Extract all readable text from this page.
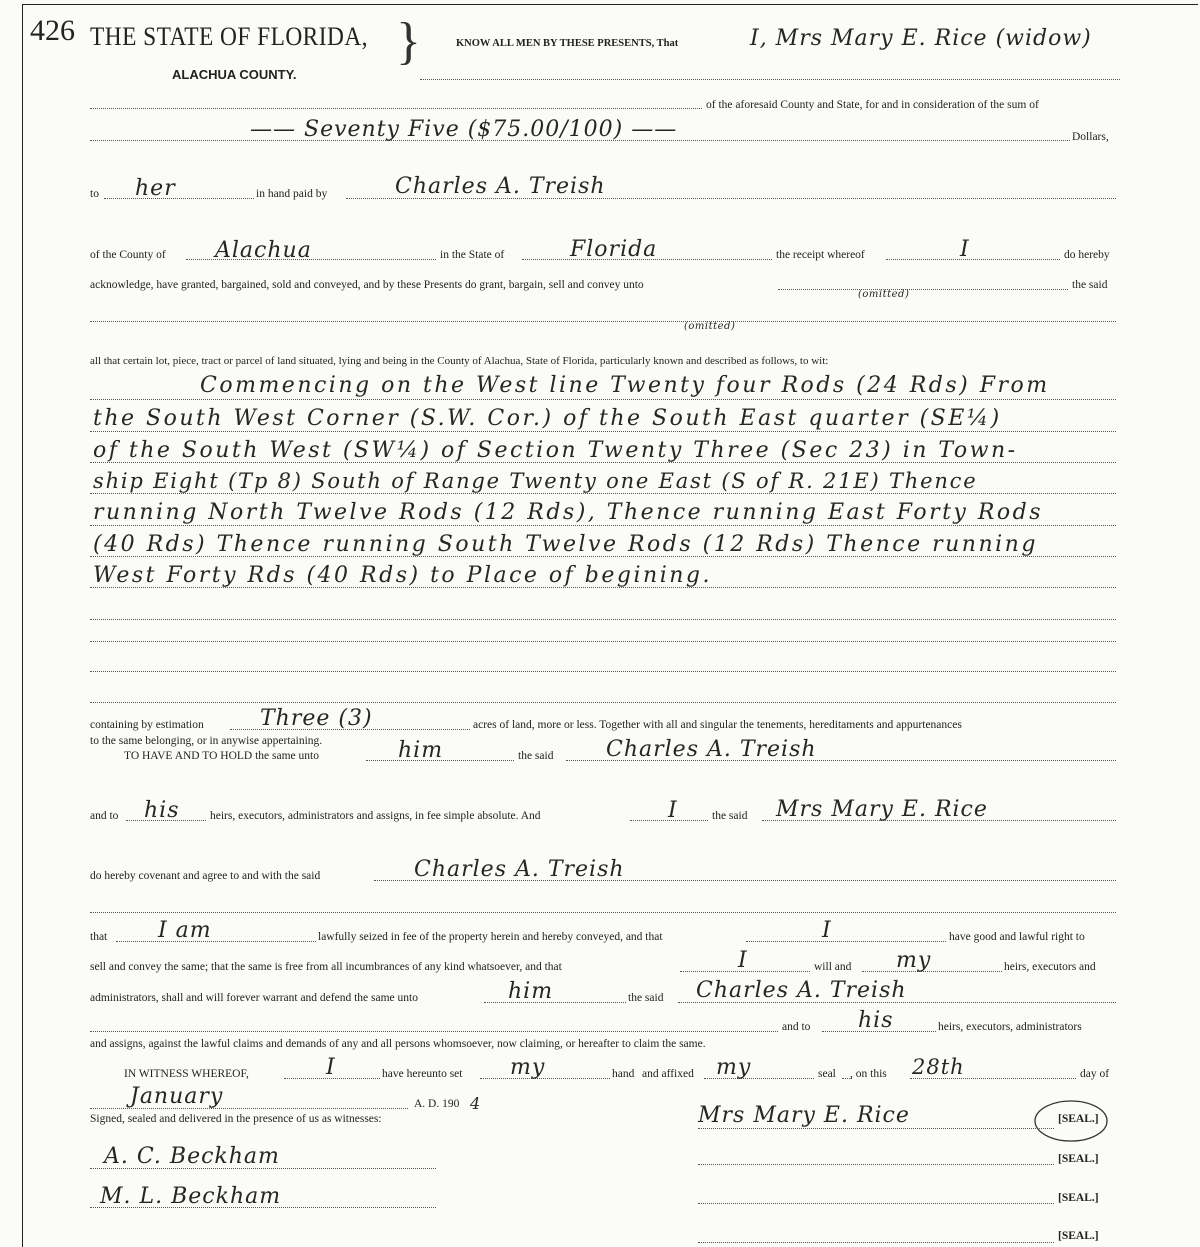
426 THE STATE OF FLORIDA, }
ALACHUA COUNTY.
KNOW ALL MEN BY THESE PRESENTS, That	I, Mrs Mary E. Rice (widow)
of the aforesaid County and State, for and in consideration of the sum of
—— Seventy Five ($75.00/100) ——	Dollars,
to her	in hand paid by	Charles A. Treish
of the County of Alachua	in the State of	Florida	the receipt whereof	I	do hereby
acknowledge, have granted, bargained, sold and conveyed, and by these Presents do grant, bargain, sell and convey unto	the said
(omitted)
(omitted)
all that certain lot, piece, tract or parcel of land situated, lying and being in the County of Alachua, State of Florida, particularly known and described as follows, to wit:
Commencing on the West line Twenty four Rods (24 Rds) From
the South West Corner (S.W. Cor.) of the South East quarter (SE¼)
of the South West (SW¼) of Section Twenty Three (Sec 23) in Town-
ship Eight (Tp 8) South of Range Twenty one East (S of R. 21E) Thence
running North Twelve Rods (12 Rds), Thence running East Forty Rods
(40 Rds) Thence running South Twelve Rods (12 Rds) Thence running
West Forty Rds (40 Rds) to Place of begining.
containing by estimation	Three (3)	acres of land, more or less. Together with all and singular the tenements, hereditaments and appurtenances
to the same belonging, or in anywise appertaining.
TO HAVE AND TO HOLD the same unto	him	the said Charles A. Treish
and to his	heirs, executors, administrators and assigns, in fee simple absolute. And	I	the said Mrs Mary E. Rice
do hereby covenant and agree to and with the said	Charles A. Treish
that I am	lawfully seized in fee of the property herein and hereby conveyed, and that	I	have good and lawful right to
sell and convey the same; that the same is free from all incumbrances of any kind whatsoever, and that	I	will and my	heirs, executors and
administrators, shall and will forever warrant and defend the same unto	him	the said Charles A. Treish
and to his	heirs, executors, administrators
and assigns, against the lawful claims and demands of any and all persons whomsoever, now claiming, or hereafter to claim the same.
IN WITNESS WHEREOF,	I	have hereunto set my	hand and affixed my	seal , on this 28th	day of
January	A. D. 190 4
Signed, sealed and delivered in the presence of us as witnesses:
A. C. Beckham
M. L. Beckham
Mrs Mary E. Rice	[SEAL.]
[SEAL.]
[SEAL.]
[SEAL.]
